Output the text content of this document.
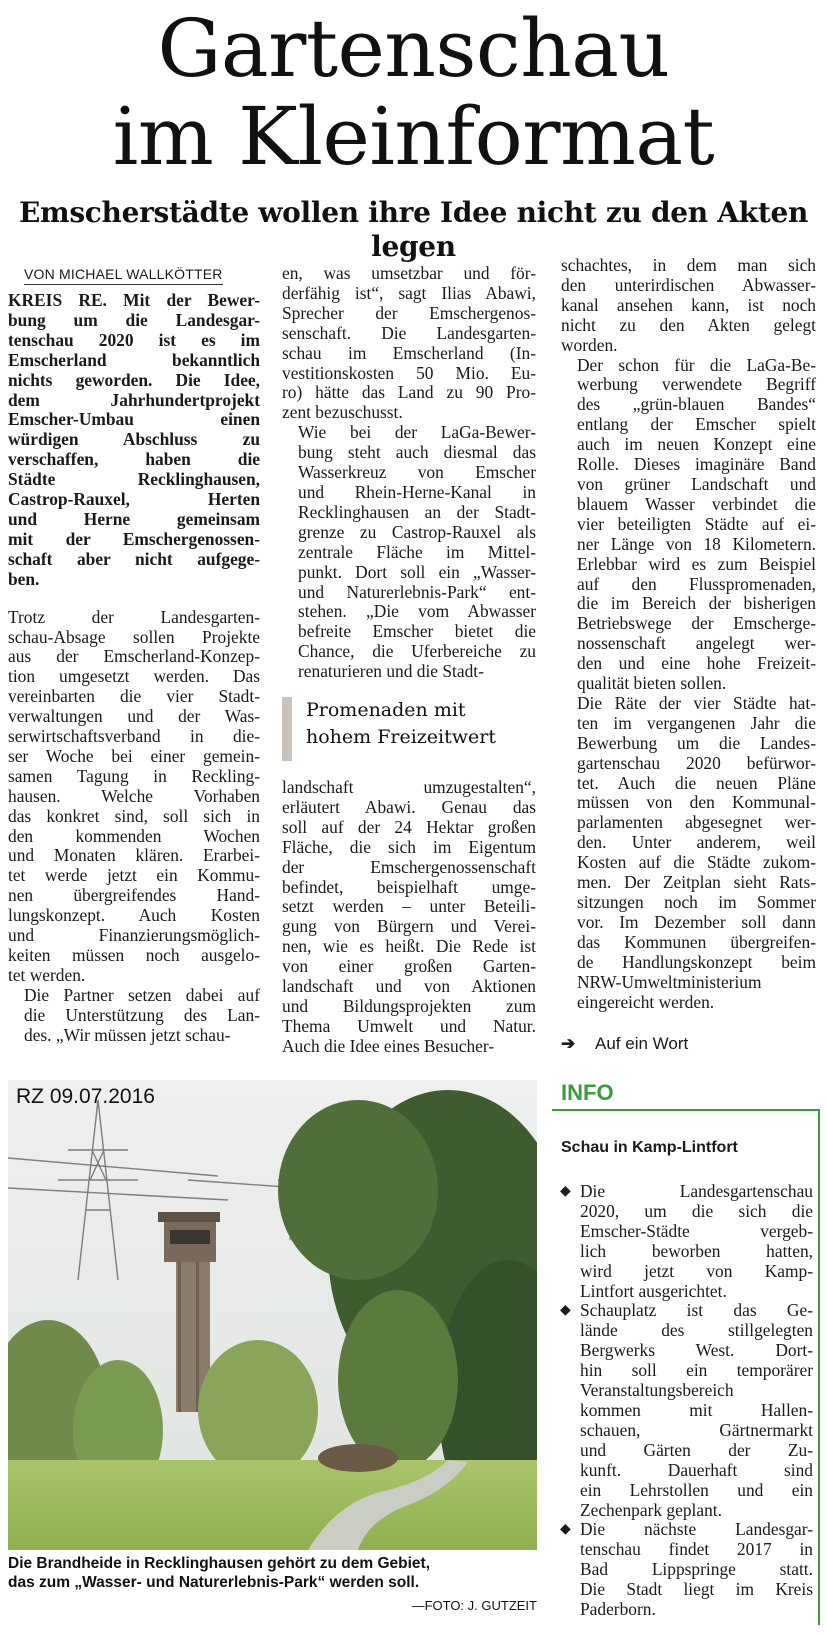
Gartenschau
im Kleinformat
Emscherstädte wollen ihre Idee nicht zu den Akten legen
VON MICHAEL WALLKÖTTER

KREIS RE. Mit der Bewer-
bung um die Landesgar-
tenschau 2020 ist es im
Emscherland bekanntlich
nichts geworden. Die Idee,
dem Jahrhundertprojekt
Emscher-Umbau einen
würdigen Abschluss zu
verschaffen, haben die
Städte Recklinghausen,
Castrop-Rauxel, Herten
und Herne gemeinsam
mit der Emschergenossen-
schaft aber nicht aufgege-
ben.

Trotz der Landesgarten-
schau-Absage sollen Projekte
aus der Emscherland-Konzep-
tion umgesetzt werden. Das
vereinbarten die vier Stadt-
verwaltungen und der Was-
serwirtschaftsverband in die-
ser Woche bei einer gemein-
samen Tagung in Reckling-
hausen. Welche Vorhaben
das konkret sind, soll sich in
den kommenden Wochen
und Monaten klären. Erarbei-
tet werde jetzt ein Kommu-
nen übergreifendes Hand-
lungskonzept. Auch Kosten
und Finanzierungsmöglich-
keiten müssen noch ausgelo-
tet werden.

Die Partner setzen dabei auf
die Unterstützung des Lan-
des. „Wir müssen jetzt schau-

en, was umsetzbar und för-
derfähig ist“, sagt Ilias Abawi,
Sprecher der Emschergenos-
senschaft. Die Landesgarten-
schau im Emscherland (In-
vestitionskosten 50 Mio. Eu-
ro) hätte das Land zu 90 Pro-
zent bezuschusst.

Wie bei der LaGa-Bewer-
bung steht auch diesmal das
Wasserkreuz von Emscher
und Rhein-Herne-Kanal in
Recklinghausen an der Stadt-
grenze zu Castrop-Rauxel als
zentrale Fläche im Mittel-
punkt. Dort soll ein „Wasser-
und Naturerlebnis-Park“ ent-
stehen. „Die vom Abwasser
befreite Emscher bietet die
Chance, die Uferbereiche zu
renaturieren und die Stadt-

Promenaden mit
hohem Freizeitwert

landschaft umzugestalten“,
erläutert Abawi. Genau das
soll auf der 24 Hektar großen
Fläche, die sich im Eigentum
der Emschergenossenschaft
befindet, beispielhaft umge-
setzt werden – unter Beteili-
gung von Bürgern und Verei-
nen, wie es heißt. Die Rede ist
von einer großen Garten-
landschaft und von Aktionen
und Bildungsprojekten zum
Thema Umwelt und Natur.
Auch die Idee eines Besucher-

schachtes, in dem man sich
den unterirdischen Abwasser-
kanal ansehen kann, ist noch
nicht zu den Akten gelegt
worden.

Der schon für die LaGa-Be-
werbung verwendete Begriff
des „grün-blauen Bandes“
entlang der Emscher spielt
auch im neuen Konzept eine
Rolle. Dieses imaginäre Band
von grüner Landschaft und
blauem Wasser verbindet die
vier beteiligten Städte auf ei-
ner Länge von 18 Kilometern.
Erlebbar wird es zum Beispiel
auf den Flusspromenaden,
die im Bereich der bisherigen
Betriebswege der Emscherge-
nossenschaft angelegt wer-
den und eine hohe Freizeit-
qualität bieten sollen.

Die Räte der vier Städte hat-
ten im vergangenen Jahr die
Bewerbung um die Landes-
gartenschau 2020 befürwor-
tet. Auch die neuen Pläne
müssen von den Kommunal-
parlamenten abgesegnet wer-
den. Unter anderem, weil
Kosten auf die Städte zukom-
men. Der Zeitplan sieht Rats-
sitzungen noch im Sommer
vor. Im Dezember soll dann
das Kommunen übergreifen-
de Handlungskonzept beim
NRW-Umweltministerium
eingereicht werden.

➔ Auf ein Wort
RZ 09.07.2016
Die Brandheide in Recklinghausen gehört zu dem Gebiet,
das zum „Wasser- und Naturerlebnis-Park“ werden soll.
—FOTO: J. GUTZEIT
INFO
Schau in Kamp-Lintfort
◆ Die Landesgartenschau
2020, um die sich die
Emscher-Städte vergeb-
lich beworben hatten,
wird jetzt von Kamp-
Lintfort ausgerichtet.
◆ Schauplatz ist das Ge-
lände des stillgelegten
Bergwerks West. Dort-
hin soll ein temporärer
Veranstaltungsbereich
kommen mit Hallen-
schauen, Gärtnermarkt
und Gärten der Zu-
kunft. Dauerhaft sind
ein Lehrstollen und ein
Zechenpark geplant.
◆ Die nächste Landesgar-
tenschau findet 2017 in
Bad Lippspringe statt.
Die Stadt liegt im Kreis
Paderborn.
